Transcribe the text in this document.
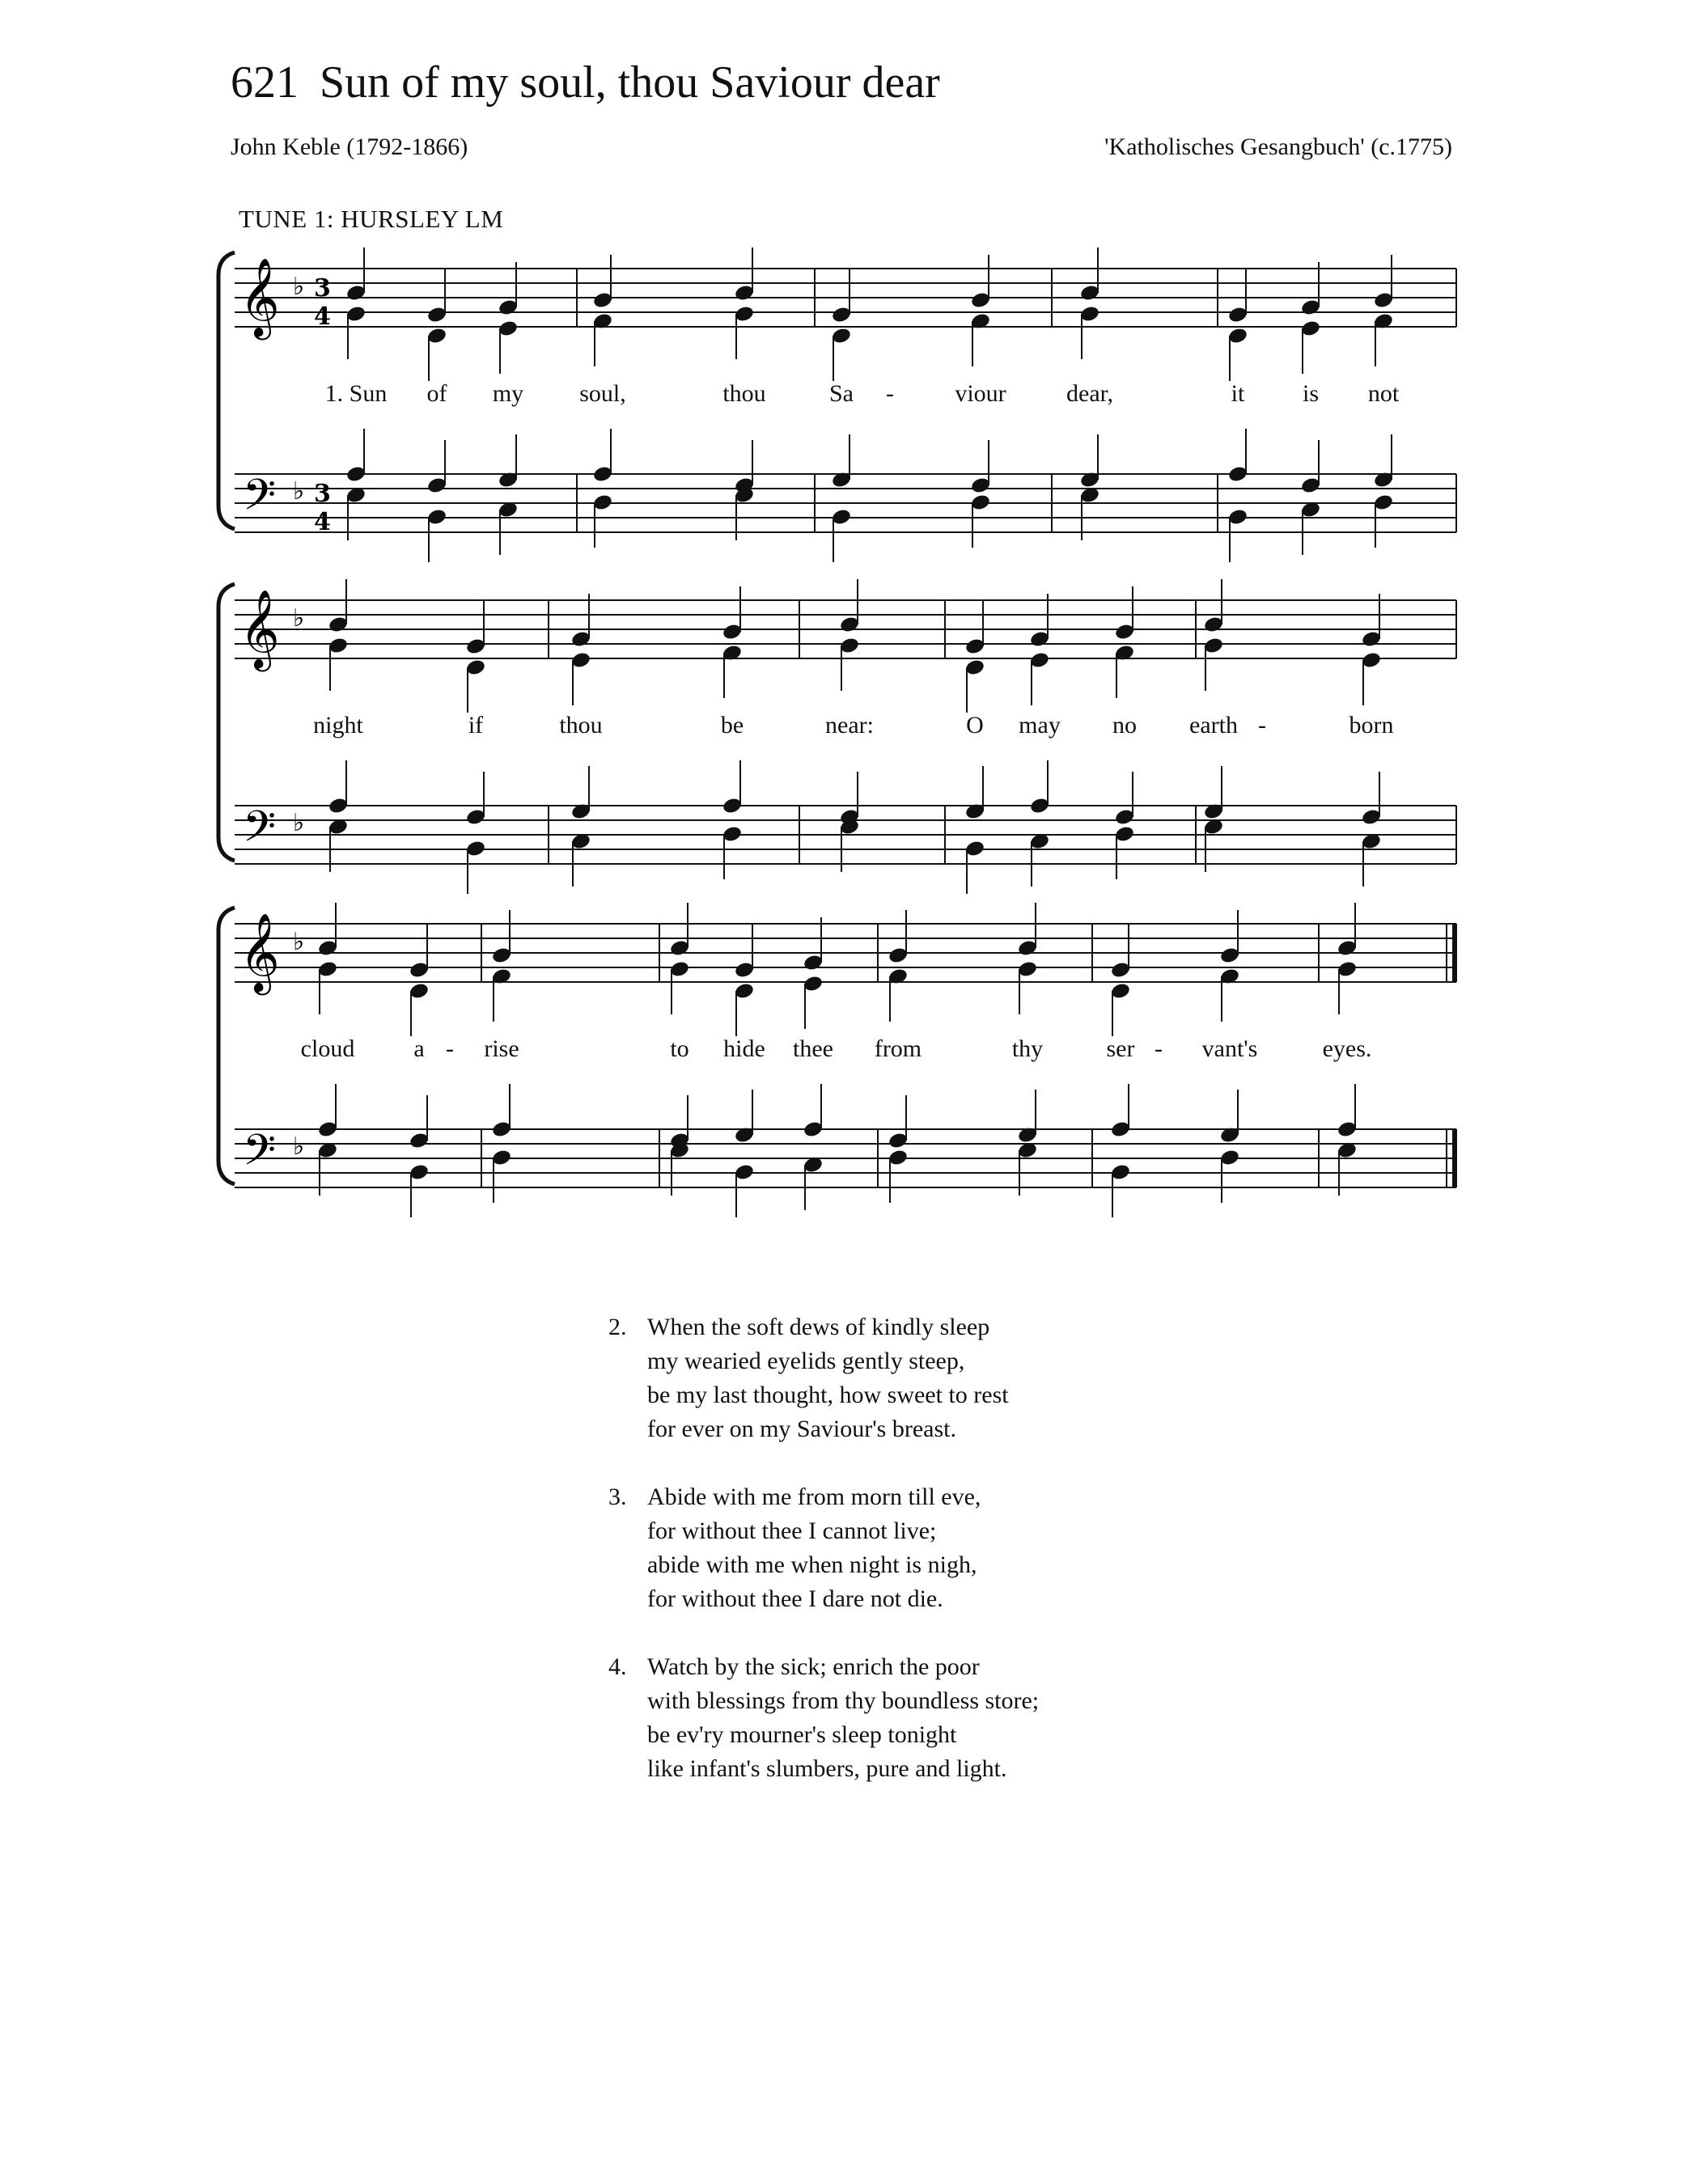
621 Sun of my soul, thou Saviour dear
John Keble (1792-1866)	'Katholisches Gesangbuch' (c.1775)
TUNE 1: HURSLEY LM
𝄞
𝄢
♭
♭
3
4
3
4
1. Sun of my soul,	thou	Sa -	viour dear,	it is not
𝄞
𝄢
♭
♭
night	if	thou	be	near:	O may no earth -	born
𝄞
𝄢
♭
♭
cloud a - rise	to hide thee from	thy	ser - vant's	eyes.
2. When the soft dews of kindly sleep
my wearied eyelids gently steep,
be my last thought, how sweet to rest
for ever on my Saviour's breast.
3. Abide with me from morn till eve,
for without thee I cannot live;
abide with me when night is nigh,
for without thee I dare not die.
4. Watch by the sick; enrich the poor
with blessings from thy boundless store;
be ev'ry mourner's sleep tonight
like infant's slumbers, pure and light.
